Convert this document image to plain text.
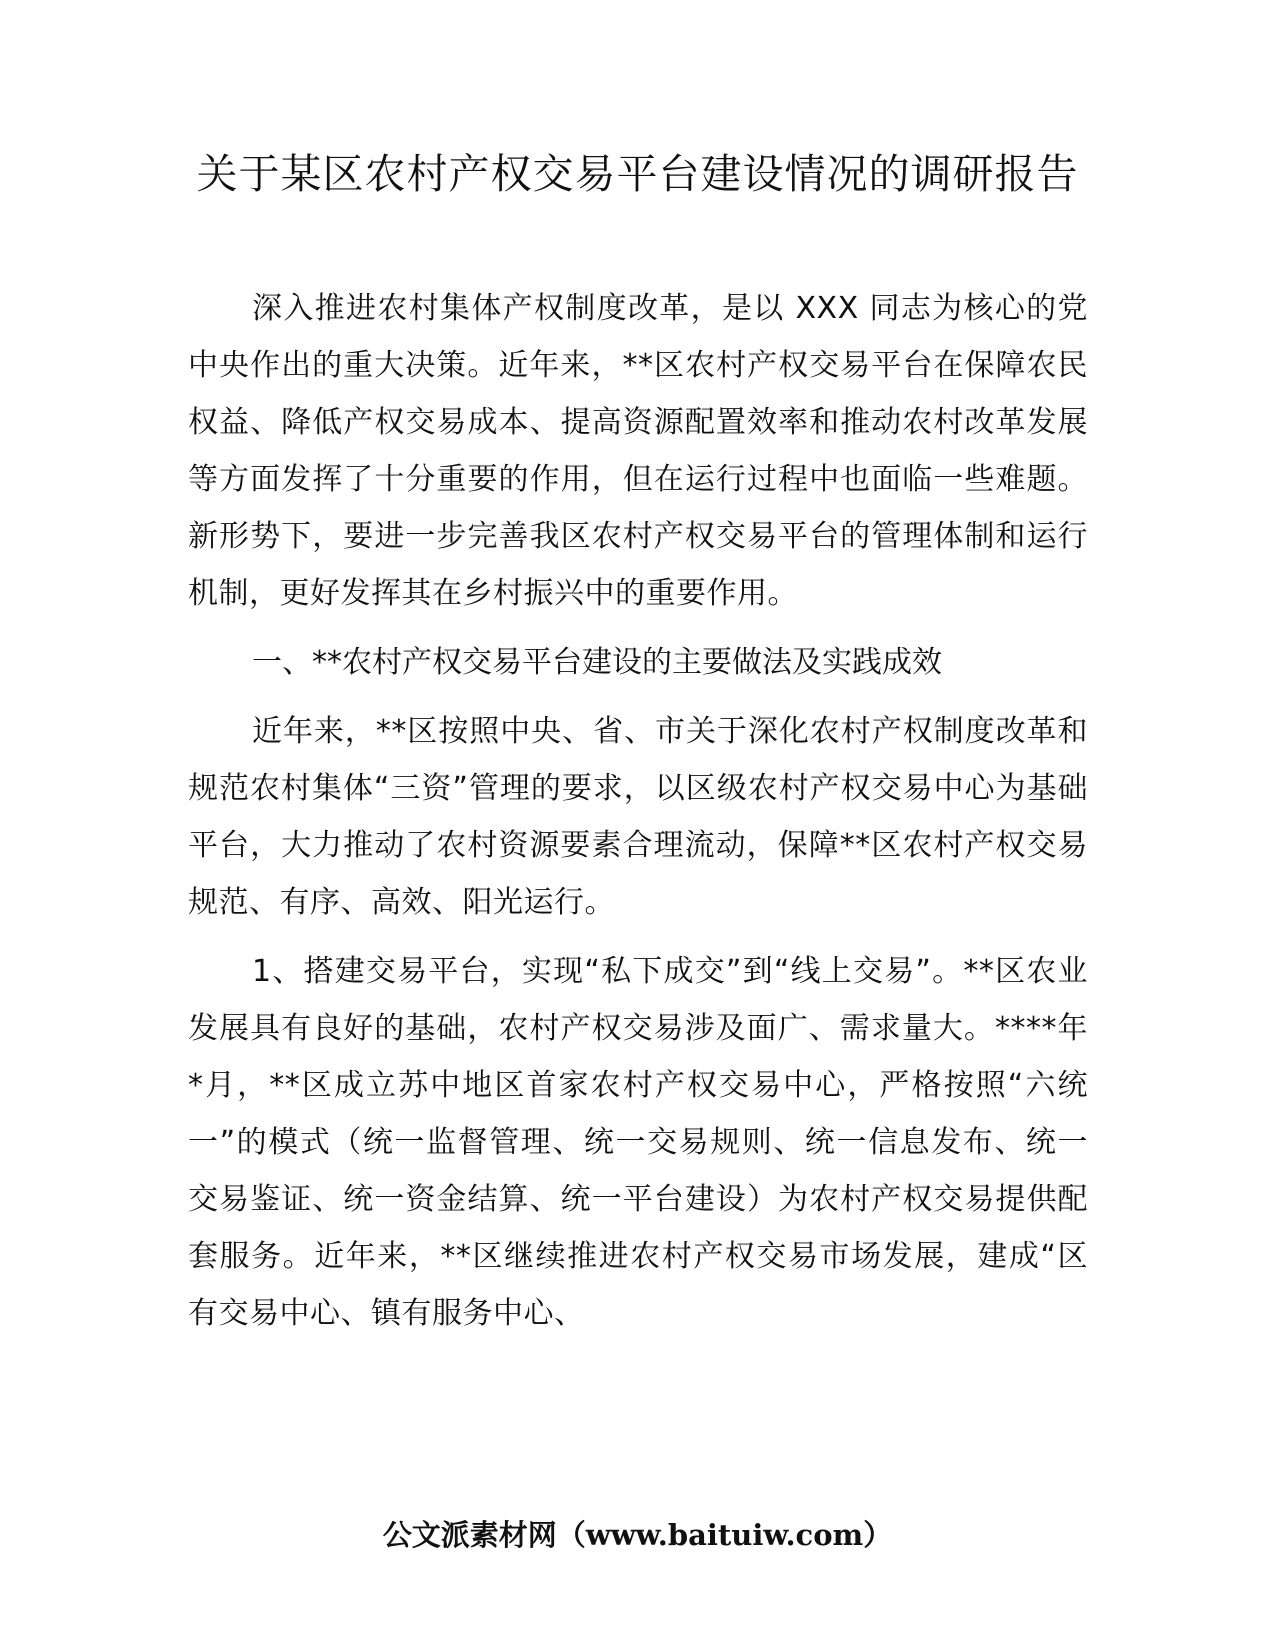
关于某区农村产权交易平台建设情况的调研报告

深入推进农村集体产权制度改革，是以 XXX 同志为核心的党中央作出的重大决策。近年来，**区农村产权交易平台在保障农民权益、降低产权交易成本、提高资源配置效率和推动农村改革发展等方面发挥了十分重要的作用，但在运行过程中也面临一些难题。新形势下，要进一步完善我区农村产权交易平台的管理体制和运行机制，更好发挥其在乡村振兴中的重要作用。

一、**农村产权交易平台建设的主要做法及实践成效

近年来，**区按照中央、省、市关于深化农村产权制度改革和规范农村集体“三资”管理的要求，以区级农村产权交易中心为基础平台，大力推动了农村资源要素合理流动，保障**区农村产权交易规范、有序、高效、阳光运行。

1、搭建交易平台，实现“私下成交”到“线上交易”。**区农业发展具有良好的基础，农村产权交易涉及面广、需求量大。****年*月，**区成立苏中地区首家农村产权交易中心，严格按照“六统一”的模式（统一监督管理、统一交易规则、统一信息发布、统一交易鉴证、统一资金结算、统一平台建设）为农村产权交易提供配套服务。近年来，**区继续推进农村产权交易市场发展，建成“区有交易中心、镇有服务中心、

公文派素材网（www.baituiw.com）
